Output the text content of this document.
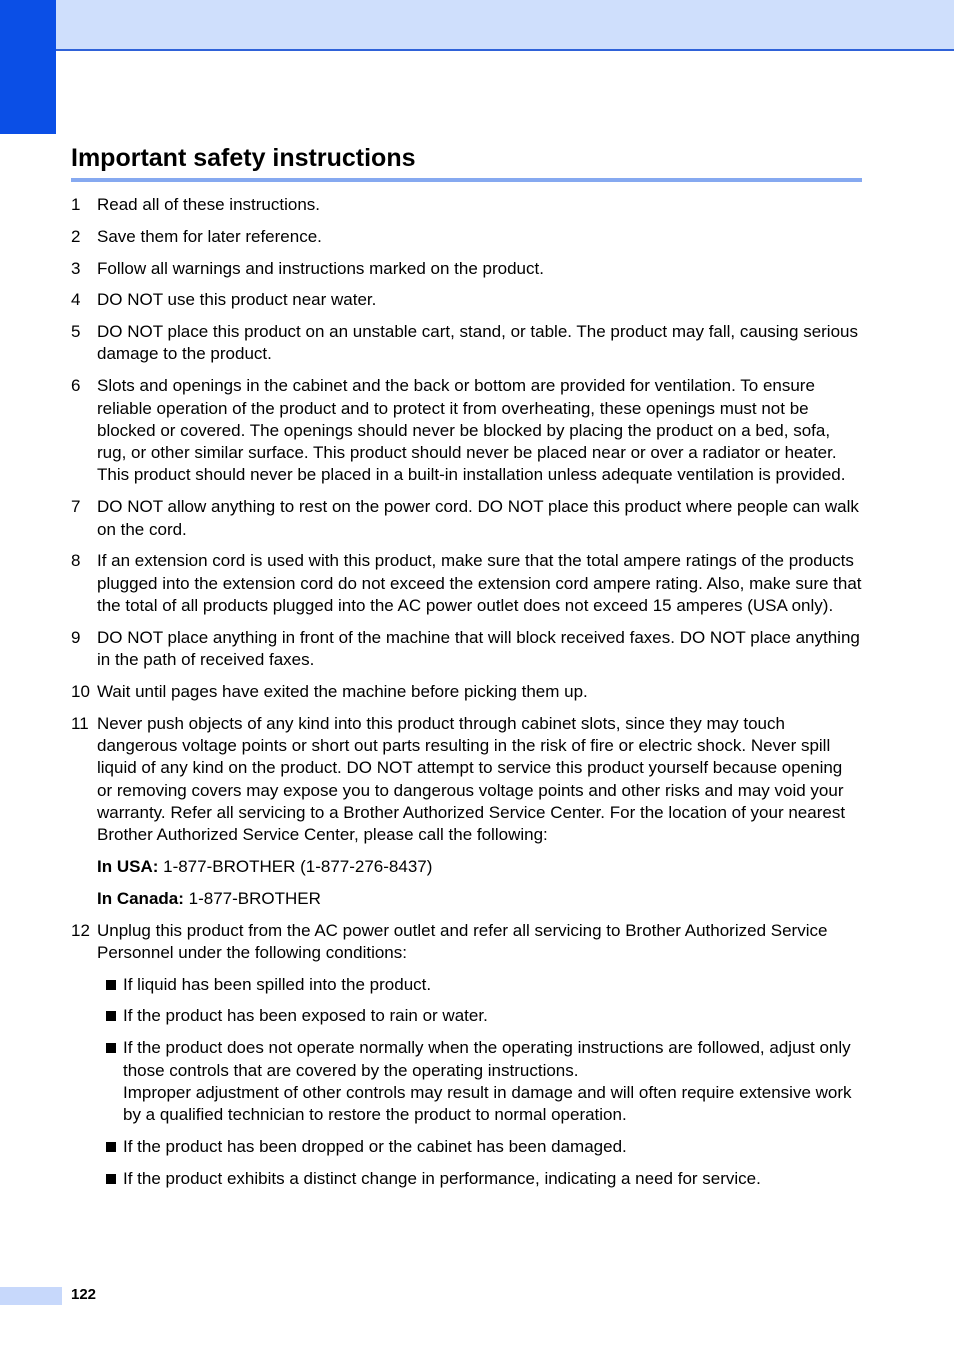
Important safety instructions
1 Read all of these instructions.

2 Save them for later reference.

3 Follow all warnings and instructions marked on the product.

4 DO NOT use this product near water.

5 DO NOT place this product on an unstable cart, stand, or table. The product may fall, causing serious damage to the product.

6 Slots and openings in the cabinet and the back or bottom are provided for ventilation. To ensure reliable operation of the product and to protect it from overheating, these openings must not be blocked or covered. The openings should never be blocked by placing the product on a bed, sofa, rug, or other similar surface. This product should never be placed near or over a radiator or heater. This product should never be placed in a built-in installation unless adequate ventilation is provided.

7 DO NOT allow anything to rest on the power cord. DO NOT place this product where people can walk on the cord.

8 If an extension cord is used with this product, make sure that the total ampere ratings of the products plugged into the extension cord do not exceed the extension cord ampere rating. Also, make sure that the total of all products plugged into the AC power outlet does not exceed 15 amperes (USA only).

9 DO NOT place anything in front of the machine that will block received faxes. DO NOT place anything in the path of received faxes.

10 Wait until pages have exited the machine before picking them up.

11 Never push objects of any kind into this product through cabinet slots, since they may touch dangerous voltage points or short out parts resulting in the risk of fire or electric shock. Never spill liquid of any kind on the product. DO NOT attempt to service this product yourself because opening or removing covers may expose you to dangerous voltage points and other risks and may void your warranty. Refer all servicing to a Brother Authorized Service Center. For the location of your nearest Brother Authorized Service Center, please call the following:

In USA: 1-877-BROTHER (1-877-276-8437)
In Canada: 1-877-BROTHER
12 Unplug this product from the AC power outlet and refer all servicing to Brother Authorized Service Personnel under the following conditions:

If liquid has been spilled into the product.
If the product has been exposed to rain or water.
If the product does not operate normally when the operating instructions are followed, adjust only those controls that are covered by the operating instructions.
Improper adjustment of other controls may result in damage and will often require extensive work by a qualified technician to restore the product to normal operation.
If the product has been dropped or the cabinet has been damaged.
If the product exhibits a distinct change in performance, indicating a need for service.
122
